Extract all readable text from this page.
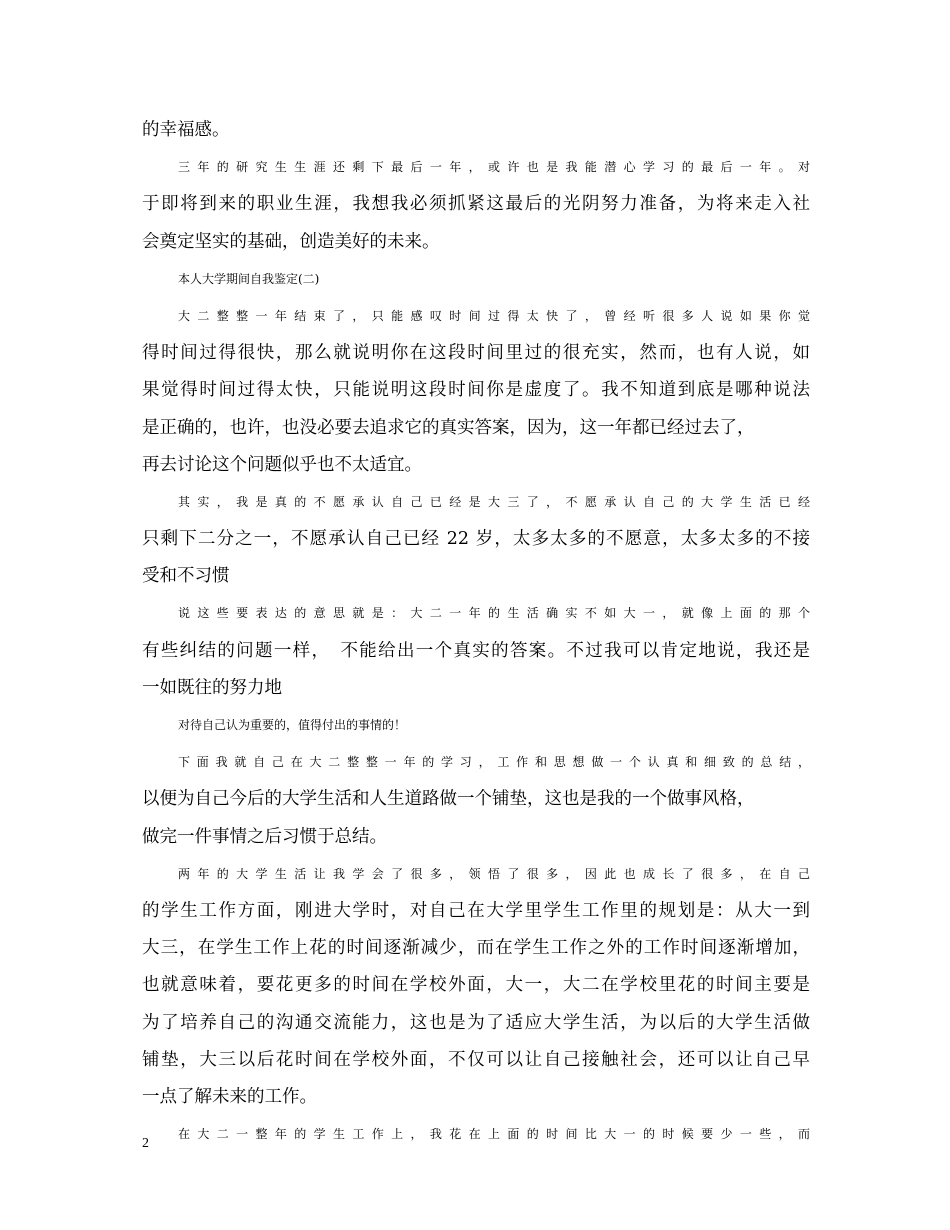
的幸福感。
三年的研究生生涯还剩下最后一年，或许也是我能潜心学习的最后一年。对
于即将到来的职业生涯，我想我必须抓紧这最后的光阴努力准备，为将来走入社
会奠定坚实的基础，创造美好的未来。
本人大学期间自我鉴定(二)
大二整整一年结束了，只能感叹时间过得太快了，曾经听很多人说如果你觉
得时间过得很快，那么就说明你在这段时间里过的很充实，然而，也有人说，如
果觉得时间过得太快，只能说明这段时间你是虚度了。我不知道到底是哪种说法
是正确的，也许，也没必要去追求它的真实答案，因为，这一年都已经过去了，
再去讨论这个问题似乎也不太适宜。
其实，我是真的不愿承认自己已经是大三了，不愿承认自己的大学生活已经
只剩下二分之一，不愿承认自己已经 22 岁，太多太多的不愿意，太多太多的不接
受和不习惯
说这些要表达的意思就是：大二一年的生活确实不如大一，就像上面的那个
有些纠结的问题一样，　不能给出一个真实的答案。不过我可以肯定地说，我还是
一如既往的努力地
对待自己认为重要的，值得付出的事情的！
下面我就自己在大二整整一年的学习，工作和思想做一个认真和细致的总结，
以便为自己今后的大学生活和人生道路做一个铺垫，这也是我的一个做事风格，
做完一件事情之后习惯于总结。
两年的大学生活让我学会了很多，领悟了很多，因此也成长了很多，在自己
的学生工作方面，刚进大学时，对自己在大学里学生工作里的规划是：从大一到
大三，在学生工作上花的时间逐渐减少，而在学生工作之外的工作时间逐渐增加，
也就意味着，要花更多的时间在学校外面，大一，大二在学校里花的时间主要是
为了培养自己的沟通交流能力，这也是为了适应大学生活，为以后的大学生活做
铺垫，大三以后花时间在学校外面，不仅可以让自己接触社会，还可以让自己早
一点了解未来的工作。
在大二一整年的学生工作上，我花在上面的时间比大一的时候要少一些，而
2
